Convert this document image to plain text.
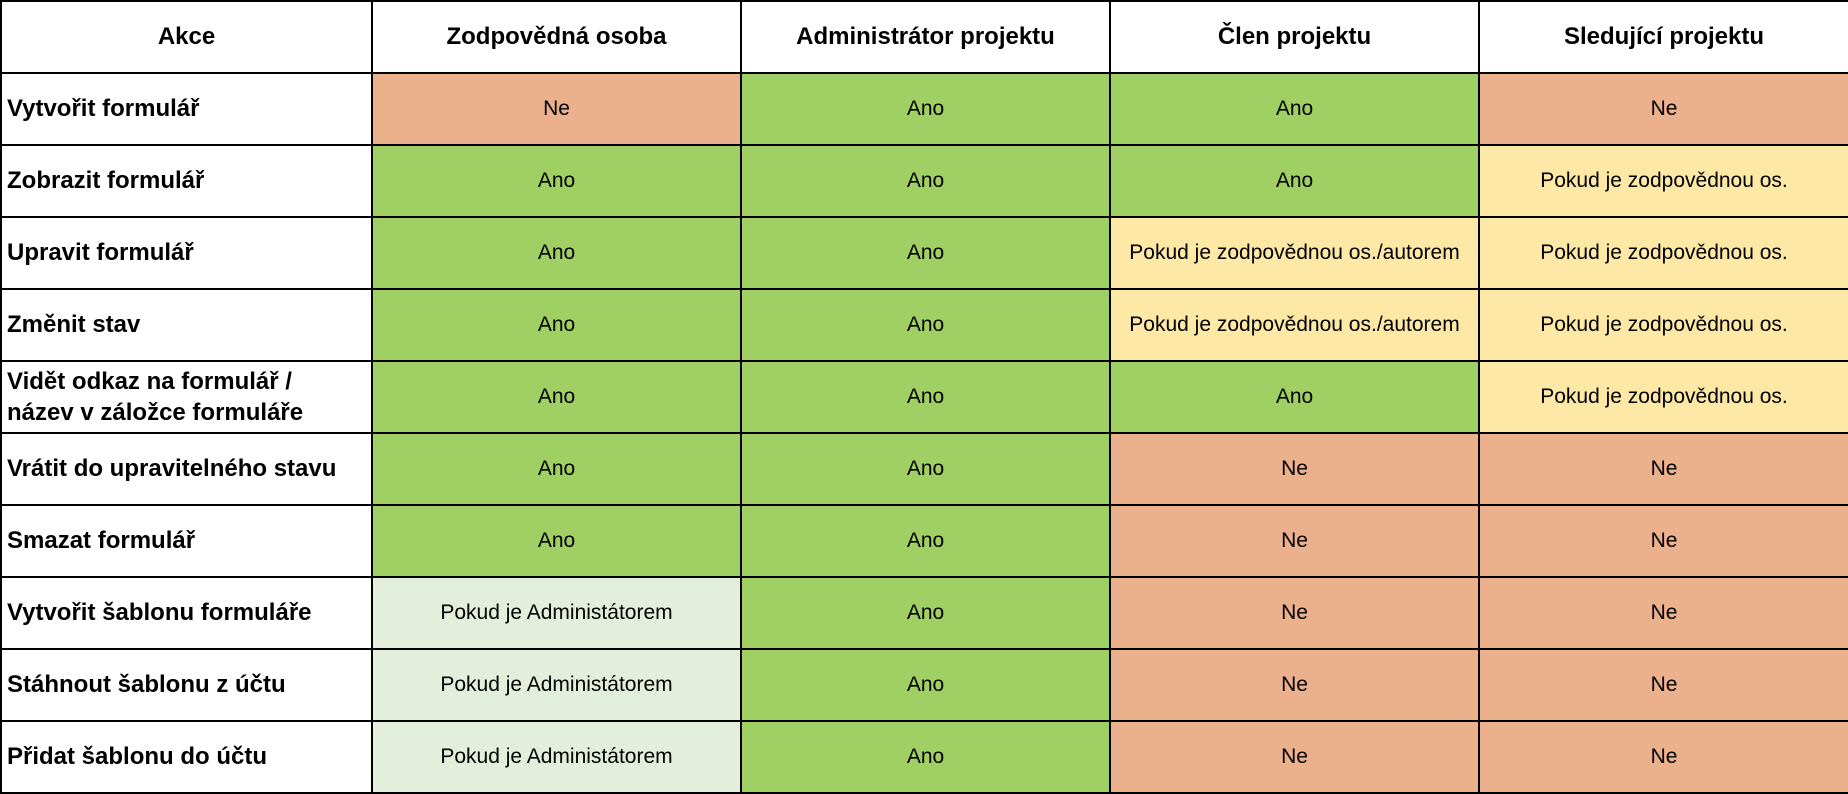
Akce	Zodpovědná osoba	Administrátor projektu	Člen projektu	Sledující projektu
Vytvořit formulář	Ne	Ano	Ano	Ne
Zobrazit formulář	Ano	Ano	Ano	Pokud je zodpovědnou os.
Upravit formulář	Ano	Ano	Pokud je zodpovědnou os./autorem	Pokud je zodpovědnou os.
Změnit stav	Ano	Ano	Pokud je zodpovědnou os./autorem	Pokud je zodpovědnou os.
Vidět odkaz na formulář /
název v záložce formuláře	Ano	Ano	Ano	Pokud je zodpovědnou os.
Vrátit do upravitelného stavu	Ano	Ano	Ne	Ne
Smazat formulář	Ano	Ano	Ne	Ne
Vytvořit šablonu formuláře	Pokud je Administátorem	Ano	Ne	Ne
Stáhnout šablonu z účtu	Pokud je Administátorem	Ano	Ne	Ne
Přidat šablonu do účtu	Pokud je Administátorem	Ano	Ne	Ne
